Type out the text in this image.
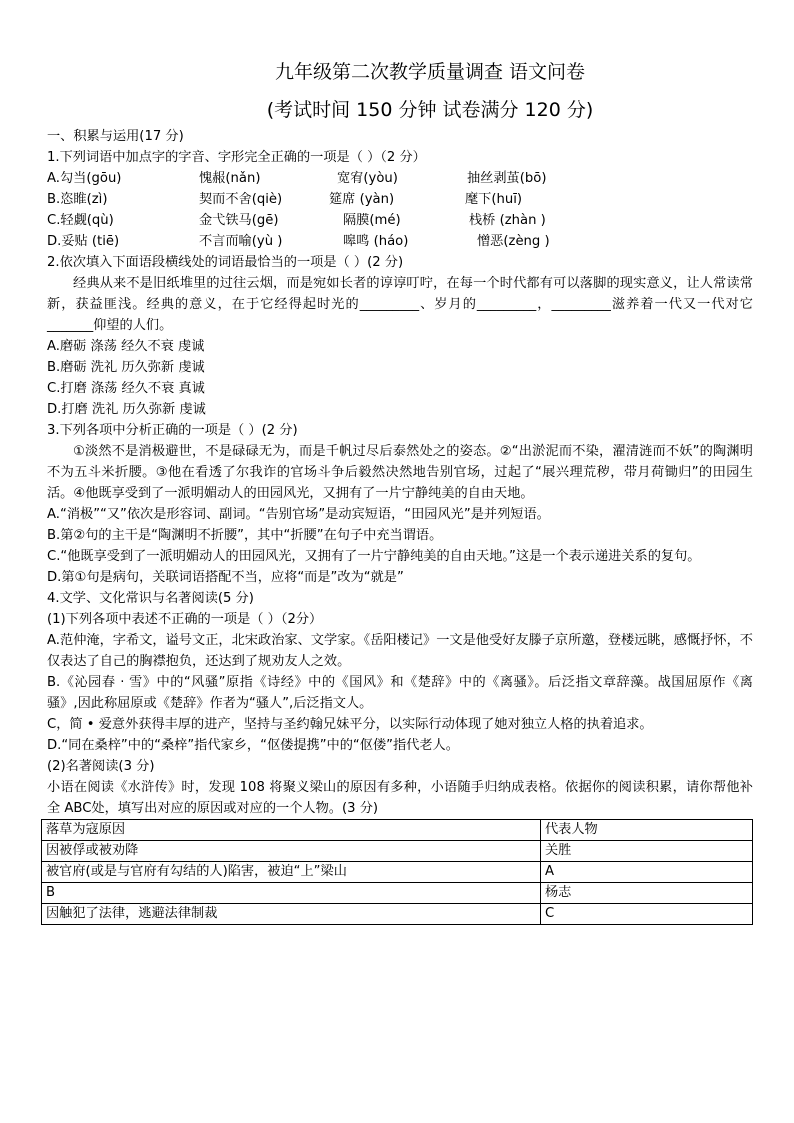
九年级第二次教学质量调查 语文问卷
(考试时间 150 分钟 试卷满分 120 分)
一、积累与运用(17 分)
1.下列词语中加点字的字音、字形完全正确的一项是（ ）（2 分）
A.勾当(gōu)	愧赧(nǎn)	宽宥(yòu)	抽丝剥茧(bō)
B.恣睢(zì)	契而不舍(qiè)	筵席 (yàn)	麾下(huī)
C.轻觑(qù)	金弋铁马(gē)	隔膜(mé)	栈桥 (zhàn )
D.妥贴 (tiē)	不言而喻(yù )	嗥鸣 (háo)	憎恶(zèng )
2.依次填入下面语段横线处的词语最恰当的一项是（ ）(2 分)
经典从来不是旧纸堆里的过往云烟，而是宛如长者的谆谆叮咛，在每一个时代都有可以落脚的现实意义，让人常读常新，获益匪浅。经典的意义，在于它经得起时光的_________、岁月的_________，_________滋养着一代又一代对它_______仰望的人们。
A.磨砺 涤荡 经久不衰 虔诚
B.磨砺 洗礼 历久弥新 虔诚
C.打磨 涤荡 经久不衰 真诚
D.打磨 洗礼 历久弥新 虔诚
3.下列各项中分析正确的一项是（ ）(2 分)
①淡然不是消极避世，不是碌碌无为，而是千帆过尽后泰然处之的姿态。②“出淤泥而不染，濯清涟而不妖”的陶渊明不为五斗米折腰。③他在看透了尔我诈的官场斗争后毅然决然地告别官场，过起了“展兴理荒秽，带月荷锄归”的田园生活。④他既享受到了一派明媚动人的田园风光，又拥有了一片宁静纯美的自由天地。
A.“消极”“又”依次是形容词、副词。“告别官场”是动宾短语，“田园风光”是并列短语。
B.第②句的主干是“陶渊明不折腰”，其中“折腰”在句子中充当谓语。
C.“他既享受到了一派明媚动人的田园风光，又拥有了一片宁静纯美的自由天地。”这是一个表示递进关系的复句。
D.第①句是病句，关联词语搭配不当，应将“而是”改为“就是”
4.文学、文化常识与名著阅读(5 分)
(1)下列各项中表述不正确的一项是（ ）（2分）
A.范仲淹，字希文，谥号文正，北宋政治家、文学家。《岳阳楼记》一文是他受好友滕子京所邀，登楼远眺，感慨抒怀，不仅表达了自己的胸襟抱负，还达到了规劝友人之效。
B.《沁园春 · 雪》中的“风骚”原指《诗经》中的《国风》和《楚辞》中的《离骚》。后泛指文章辞藻。战国屈原作《离骚》,因此称屈原或《楚辞》作者为“骚人”,后泛指文人。
C，简 • 爱意外获得丰厚的进产，坚持与圣约翰兄妹平分，以实际行动体现了她对独立人格的执着追求。
D.“同在桑梓”中的“桑梓”指代家乡，“伛偻提携”中的“伛偻”指代老人。
(2)名著阅读(3 分)
小语在阅读《水浒传》时，发现 108 将聚义梁山的原因有多种，小语随手归纳成表格。依据你的阅读积累，请你帮他补全 ABC处，填写出对应的原因或对应的一个人物。(3 分)
落草为寇原因	代表人物
因被俘或被劝降	关胜
被官府(或是与官府有勾结的人)陷害，被迫“上”梁山	A
B	杨志
因触犯了法律，逃避法律制裁	C
